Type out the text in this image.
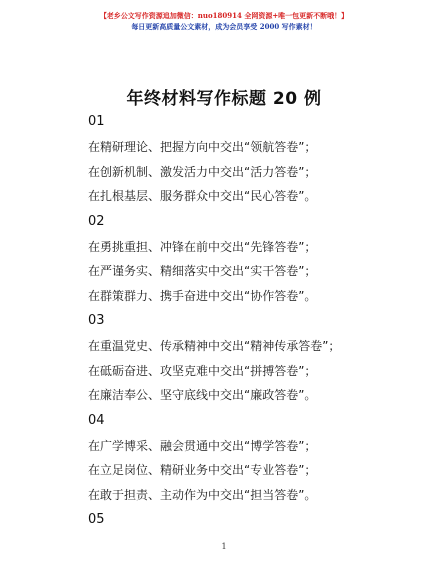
【老乡公文写作资源追加微信：nuo180914 全网资源+唯一包更新不断哦！】
每日更新高质量公文素材，成为会员享受 2000 写作素材！
年终材料写作标题 20 例
01
在精研理论、把握方向中交出“领航答卷”；
在创新机制、激发活力中交出“活力答卷”；
在扎根基层、服务群众中交出“民心答卷”。
02
在勇挑重担、冲锋在前中交出“先锋答卷”；
在严谨务实、精细落实中交出“实干答卷”；
在群策群力、携手奋进中交出“协作答卷”。
03
在重温党史、传承精神中交出“精神传承答卷”；
在砥砺奋进、攻坚克难中交出“拼搏答卷”；
在廉洁奉公、坚守底线中交出“廉政答卷”。
04
在广学博采、融会贯通中交出“博学答卷”；
在立足岗位、精研业务中交出“专业答卷”；
在敢于担责、主动作为中交出“担当答卷”。
05
1
